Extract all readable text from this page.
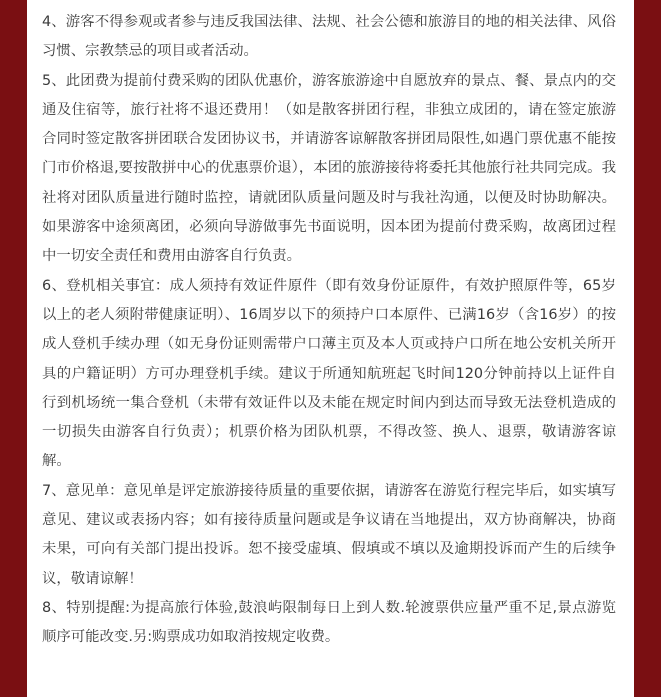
4、游客不得参观或者参与违反我国法律、法规、社会公德和旅游目的地的相关法律、风俗习惯、宗教禁忌的项目或者活动。

5、此团费为提前付费采购的团队优惠价，游客旅游途中自愿放弃的景点、餐、景点内的交通及住宿等，旅行社将不退还费用！（如是散客拼团行程，非独立成团的，请在签定旅游合同时签定散客拼团联合发团协议书，并请游客谅解散客拼团局限性,如遇门票优惠不能按门市价格退,要按散拼中心的优惠票价退），本团的旅游接待将委托其他旅行社共同完成。我社将对团队质量进行随时监控，请就团队质量问题及时与我社沟通，以便及时协助解决。如果游客中途须离团，必须向导游做事先书面说明，因本团为提前付费采购，故离团过程中一切安全责任和费用由游客自行负责。

6、登机相关事宜：成人须持有效证件原件（即有效身份证原件，有效护照原件等，65岁以上的老人须附带健康证明）、16周岁以下的须持户口本原件、已满16岁（含16岁）的按成人登机手续办理（如无身份证则需带户口薄主页及本人页或持户口所在地公安机关所开具的户籍证明）方可办理登机手续。建议于所通知航班起飞时间120分钟前持以上证件自行到机场统一集合登机（未带有效证件以及未能在规定时间内到达而导致无法登机造成的一切损失由游客自行负责）；机票价格为团队机票，不得改签、换人、退票，敬请游客谅解。

7、意见单：意见单是评定旅游接待质量的重要依据，请游客在游览行程完毕后，如实填写意见、建议或表扬内容；如有接待质量问题或是争议请在当地提出，双方协商解决，协商未果，可向有关部门提出投诉。恕不接受虚填、假填或不填以及逾期投诉而产生的后续争议，敬请谅解！

8、特别提醒:为提高旅行体验,鼓浪屿限制每日上到人数.轮渡票供应量严重不足,景点游览顺序可能改变.另:购票成功如取消按规定收费。
